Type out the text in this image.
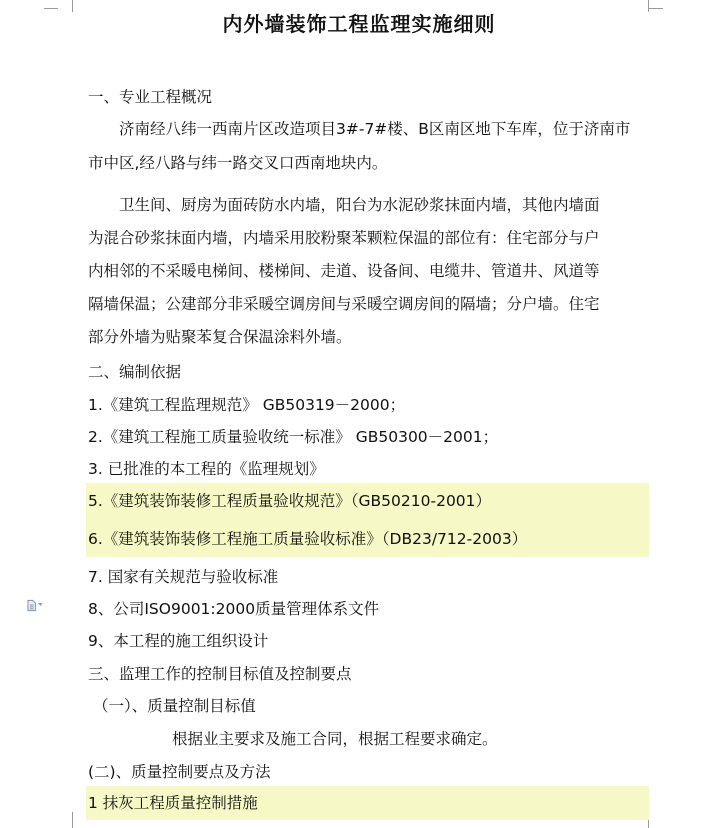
内外墙装饰工程监理实施细则
一、专业工程概况
济南经八纬一西南片区改造项目3#-7#楼、B区南区地下车库，位于济南市
市中区,经八路与纬一路交叉口西南地块内。
卫生间、厨房为面砖防水内墙，阳台为水泥砂浆抹面内墙，其他内墙面
为混合砂浆抹面内墙，内墙采用胶粉聚苯颗粒保温的部位有：住宅部分与户
内相邻的不采暖电梯间、楼梯间、走道、设备间、电缆井、管道井、风道等
隔墙保温；公建部分非采暖空调房间与采暖空调房间的隔墙；分户墙。住宅
部分外墙为贴聚苯复合保温涂料外墙。
二、编制依据
1.《建筑工程监理规范》 GB50319－2000；
2.《建筑工程施工质量验收统一标准》 GB50300－2001；
3. 已批准的本工程的《监理规划》
5.《建筑装饰装修工程质量验收规范》（GB50210-2001）
6.《建筑装饰装修工程施工质量验收标准》（DB23/712-2003）
7. 国家有关规范与验收标准
8、公司ISO9001:2000质量管理体系文件
9、本工程的施工组织设计
三、监理工作的控制目标值及控制要点
（一）、质量控制目标值
根据业主要求及施工合同，根据工程要求确定。
(二)、质量控制要点及方法
1 抹灰工程质量控制措施
